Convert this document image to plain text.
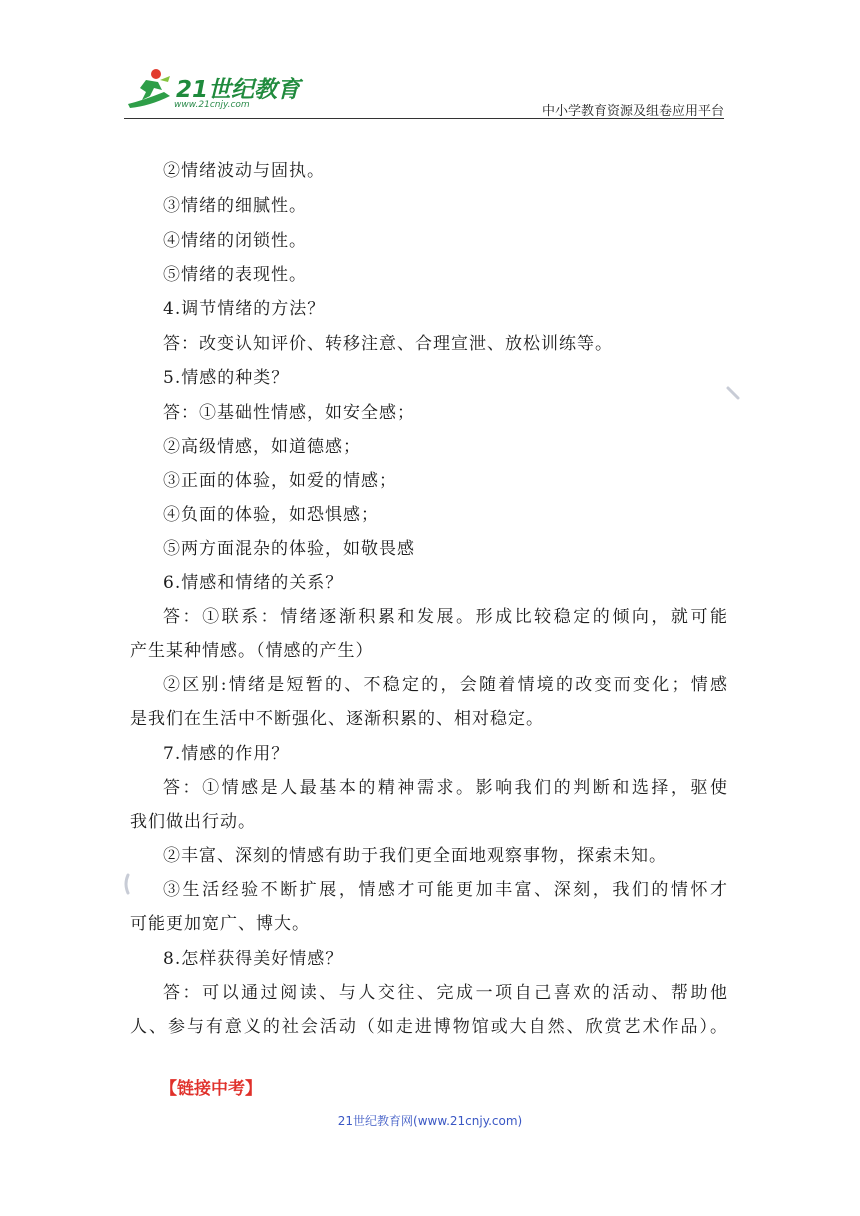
21世纪教育
www.21cnjy.com	中小学教育资源及组卷应用平台
②情绪波动与固执。
③情绪的细腻性。
④情绪的闭锁性。
⑤情绪的表现性。
4.调节情绪的方法？
答：改变认知评价、转移注意、合理宣泄、放松训练等。
5.情感的种类？
答：①基础性情感，如安全感；
②高级情感，如道德感；
③正面的体验，如爱的情感；
④负面的体验，如恐惧感；
⑤两方面混杂的体验，如敬畏感
6.情感和情绪的关系？
答：①联系：情绪逐渐积累和发展。形成比较稳定的倾向，就可能
产生某种情感。（情感的产生）
②区别:情绪是短暂的、不稳定的，会随着情境的改变而变化；情感
是我们在生活中不断强化、逐渐积累的、相对稳定。
7.情感的作用？
答：①情感是人最基本的精神需求。影响我们的判断和选择，驱使
我们做出行动。
②丰富、深刻的情感有助于我们更全面地观察事物，探索未知。
③生活经验不断扩展，情感才可能更加丰富、深刻，我们的情怀才
可能更加宽广、博大。
8.怎样获得美好情感？
答：可以通过阅读、与人交往、完成一项自己喜欢的活动、帮助他
人、参与有意义的社会活动（如走进博物馆或大自然、欣赏艺术作品）。
【链接中考】
21世纪教育网(www.21cnjy.com)
